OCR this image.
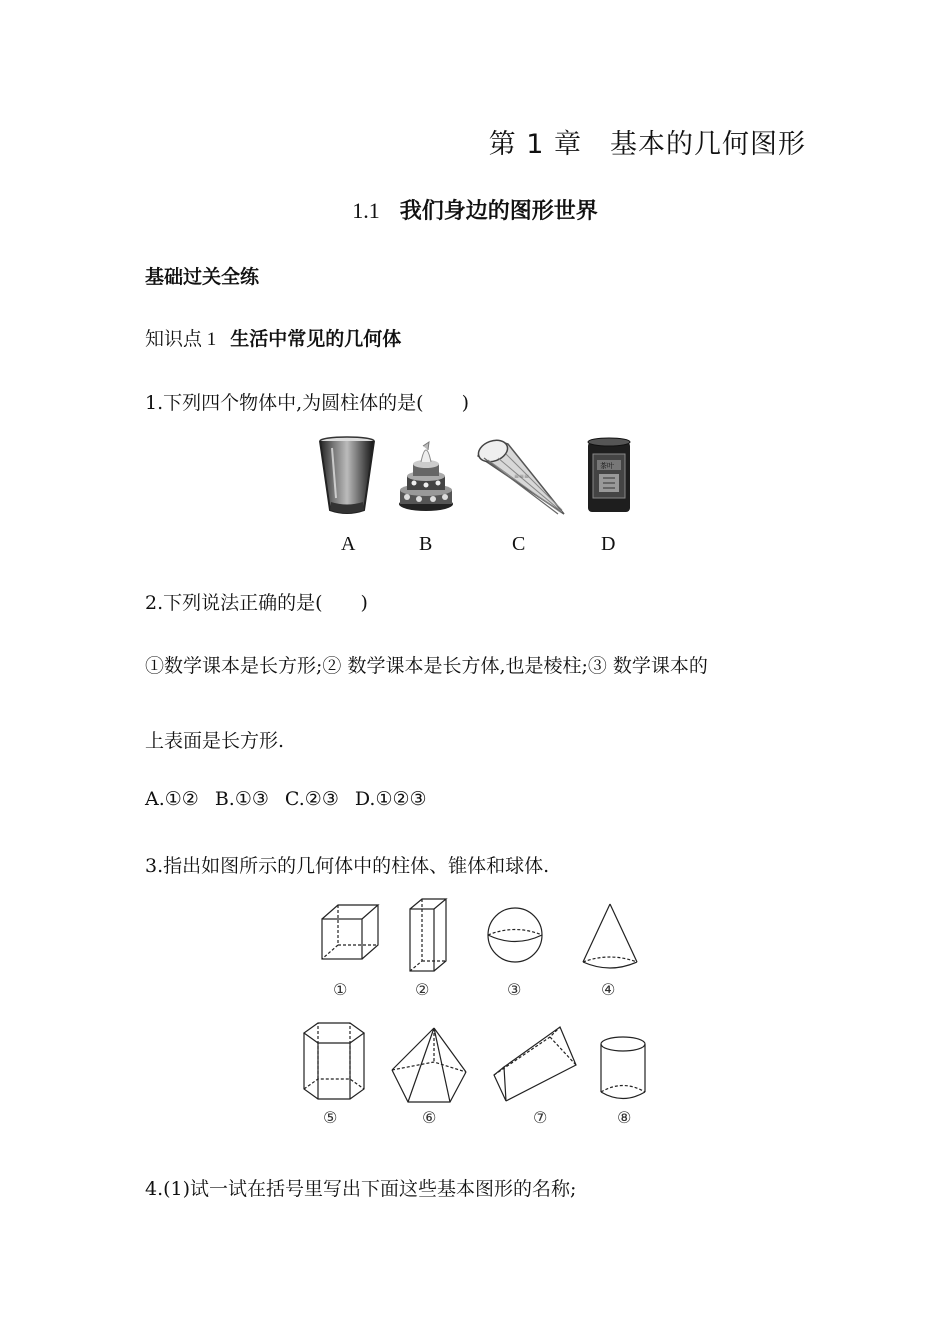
第 1 章　基本的几何图形
1.1 我们身边的图形世界
基础过关全练
知识点 1 生活中常见的几何体
1.下列四个物体中,为圆柱体的是(　　)
A	B
≡≡≡
C
茶叶
D
2.下列说法正确的是(　　)
①数学课本是长方形;② 数学课本是长方体,也是棱柱;③ 数学课本的
上表面是长方形.
A.①② B.①③ C.②③ D.①②③
3.指出如图所示的几何体中的柱体、锥体和球体.
①	②	③	④
⑤	⑥	⑦	⑧
4.(1)试一试在括号里写出下面这些基本图形的名称;
